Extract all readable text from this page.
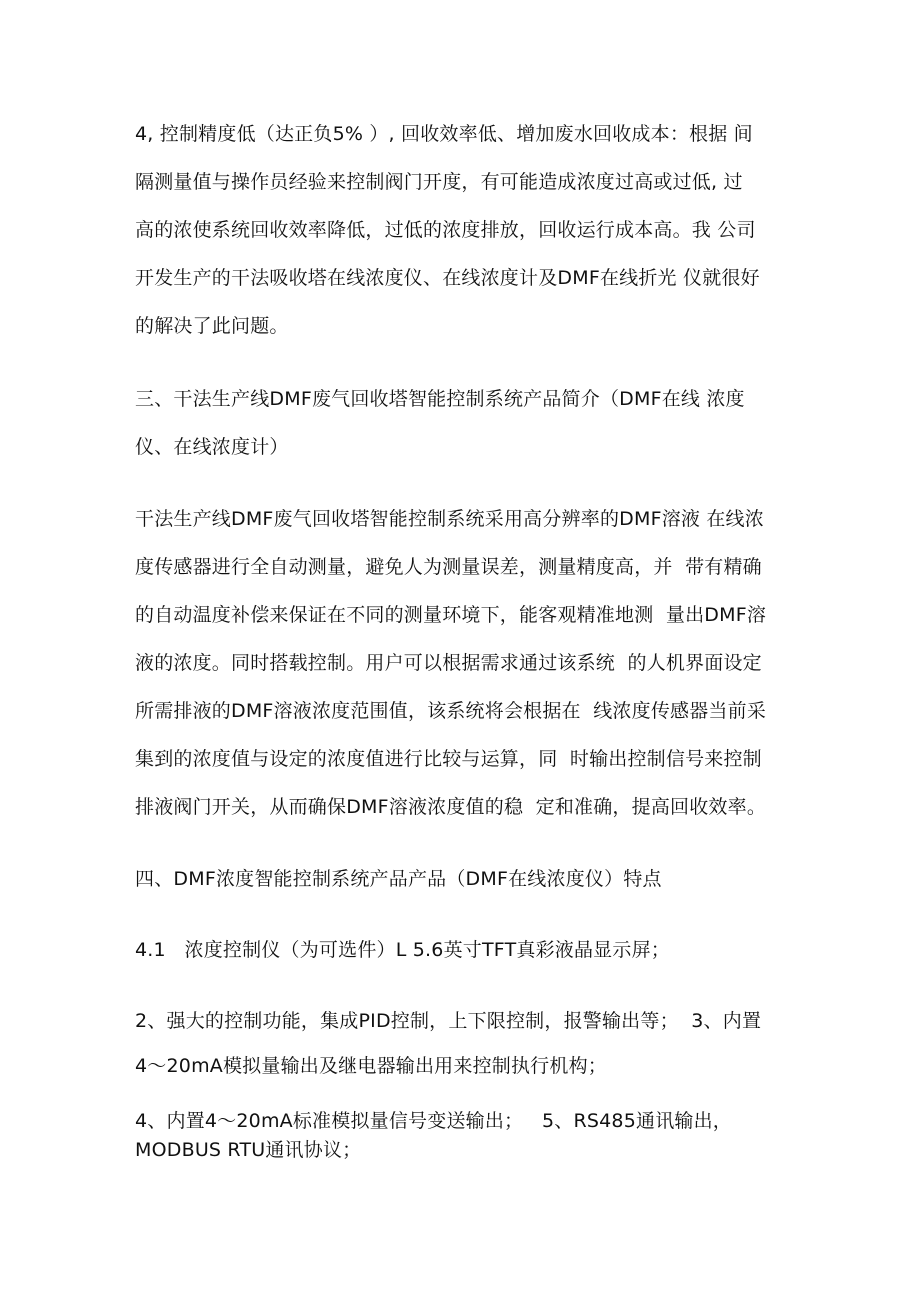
4, 控制精度低（达正负5% ）, 回收效率低、增加废水回收成本：根据 间
隔测量值与操作员经验来控制阀门开度，有可能造成浓度过高或过低, 过
高的浓使系统回收效率降低，过低的浓度排放，回收运行成本高。我 公司
开发生产的干法吸收塔在线浓度仪、在线浓度计及DMF在线折光 仪就很好
的解决了此问题。
三、干法生产线DMF废气回收塔智能控制系统产品简介（DMF在线 浓度
仪、在线浓度计）
干法生产线DMF废气回收塔智能控制系统采用高分辨率的DMF溶液 在线浓
度传感器进行全自动测量，避免人为测量误差，测量精度高，并  带有精确
的自动温度补偿来保证在不同的测量环境下，能客观精准地测  量出DMF溶
液的浓度。同时搭载控制。用户可以根据需求通过该系统  的人机界面设定
所需排液的DMF溶液浓度范围值，该系统将会根据在  线浓度传感器当前采
集到的浓度值与设定的浓度值进行比较与运算，同  时输出控制信号来控制
排液阀门开关，从而确保DMF溶液浓度值的稳  定和准确，提高回收效率。
四、DMF浓度智能控制系统产品产品（DMF在线浓度仪）特点
4.1   浓度控制仪（为可选件）L 5.6英寸TFT真彩液晶显示屏；
2、强大的控制功能，集成PID控制，上下限控制，报警输出等；  3、内置
4～20mA模拟量输出及继电器输出用来控制执行机构；
4、内置4～20mA标准模拟量信号变送输出；   5、RS485通讯输出，
MODBUS RTU通讯协议；
